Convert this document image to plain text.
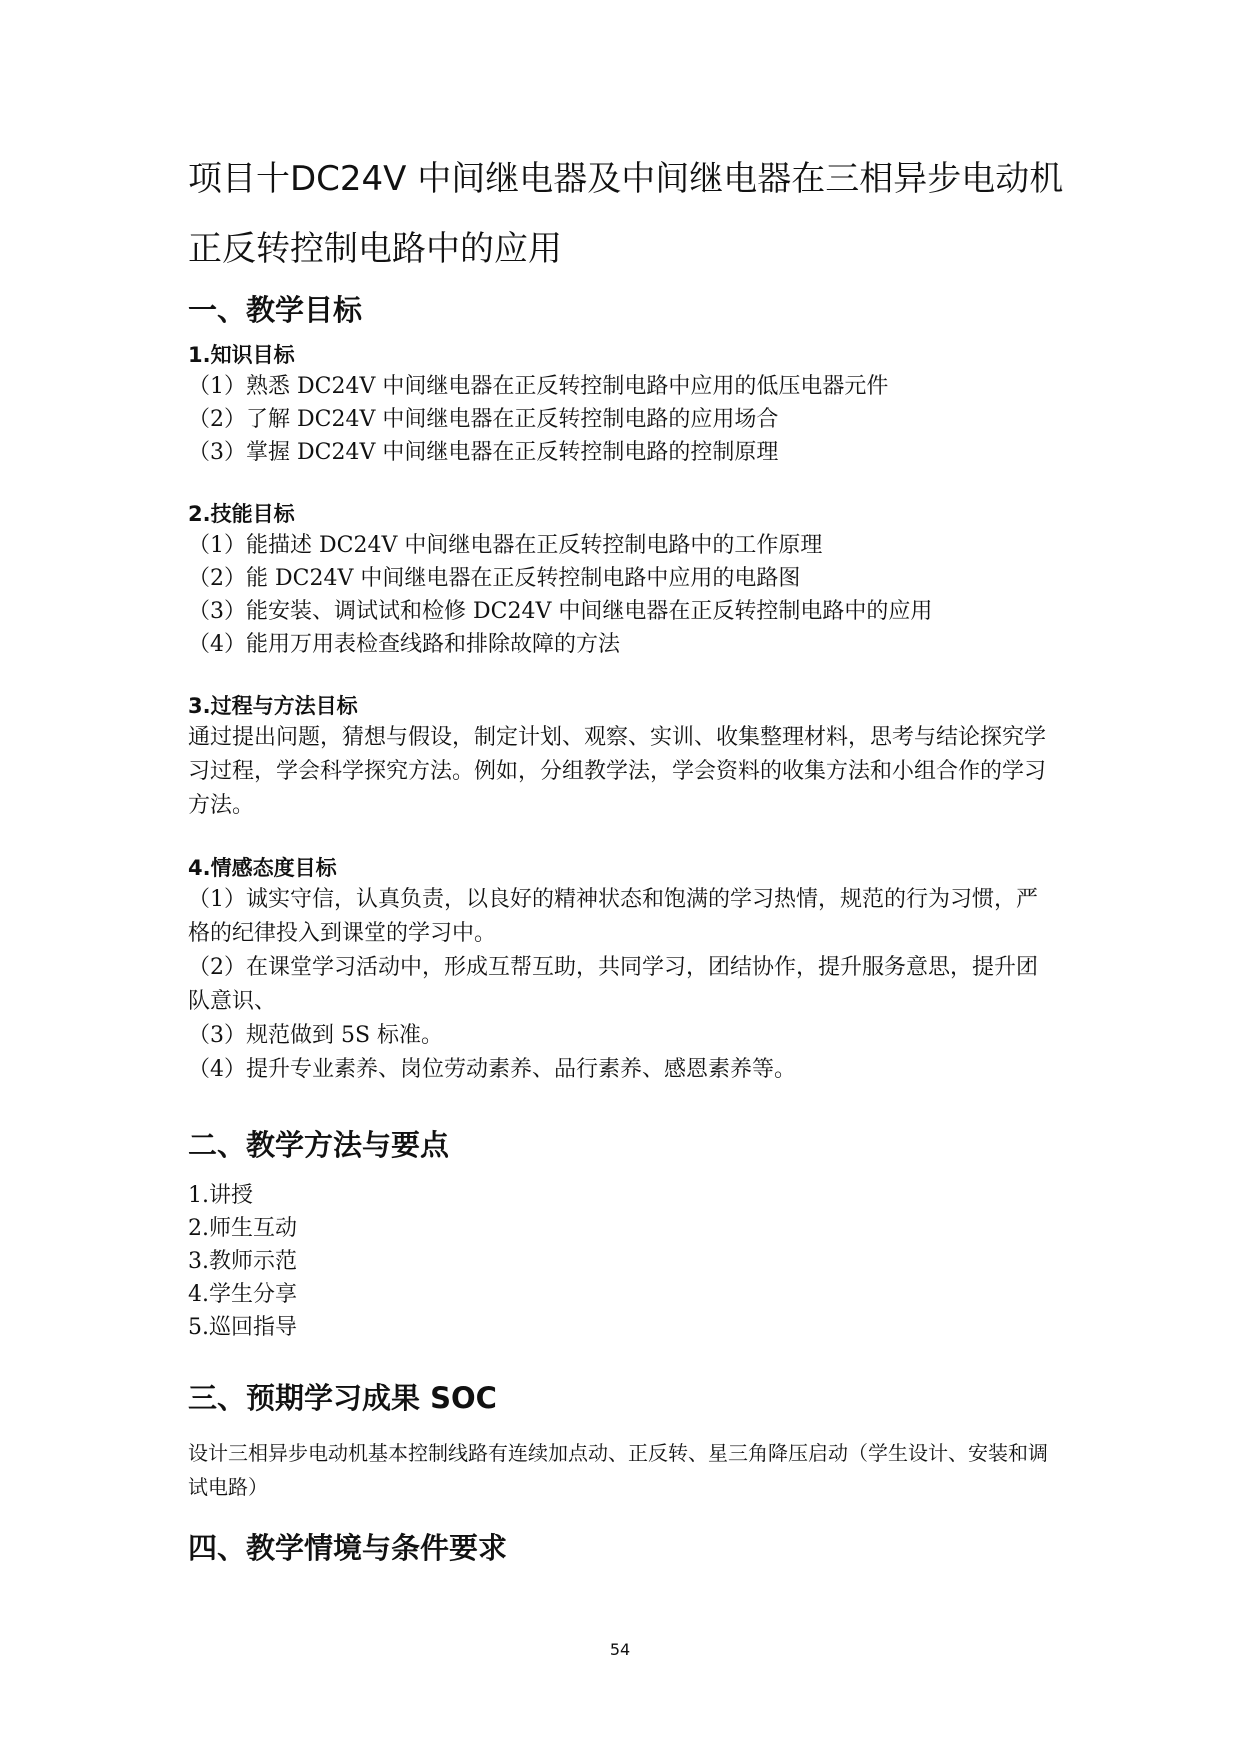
项目十 DC24V 中间继电器及中间继电器在三相异步电动机
正反转控制电路中的应用
一、教学目标
1.知识目标
（1）熟悉 DC24V 中间继电器在正反转控制电路中应用的低压电器元件
（2）了解 DC24V 中间继电器在正反转控制电路的应用场合
（3）掌握 DC24V 中间继电器在正反转控制电路的控制原理
2.技能目标
（1）能描述 DC24V 中间继电器在正反转控制电路中的工作原理
（2）能 DC24V 中间继电器在正反转控制电路中应用的电路图
（3）能安装、调试试和检修 DC24V 中间继电器在正反转控制电路中的应用
（4）能用万用表检查线路和排除故障的方法
3.过程与方法目标
通过提出问题，猜想与假设，制定计划、观察、实训、收集整理材料，思考与结论探究学习过程，学会科学探究方法。例如，分组教学法，学会资料的收集方法和小组合作的学习方法。
4.情感态度目标
（1）诚实守信，认真负责，以良好的精神状态和饱满的学习热情，规范的行为习惯，严格的纪律投入到课堂的学习中。
（2）在课堂学习活动中，形成互帮互助，共同学习，团结协作，提升服务意思，提升团队意识、
（3）规范做到 5S 标准。
（4）提升专业素养、岗位劳动素养、品行素养、感恩素养等。
二、教学方法与要点
1.讲授
2.师生互动
3.教师示范
4.学生分享
5.巡回指导
三、预期学习成果 SOC
设计三相异步电动机基本控制线路有连续加点动、正反转、星三角降压启动（学生设计、安装和调试电路）
四、教学情境与条件要求
54
